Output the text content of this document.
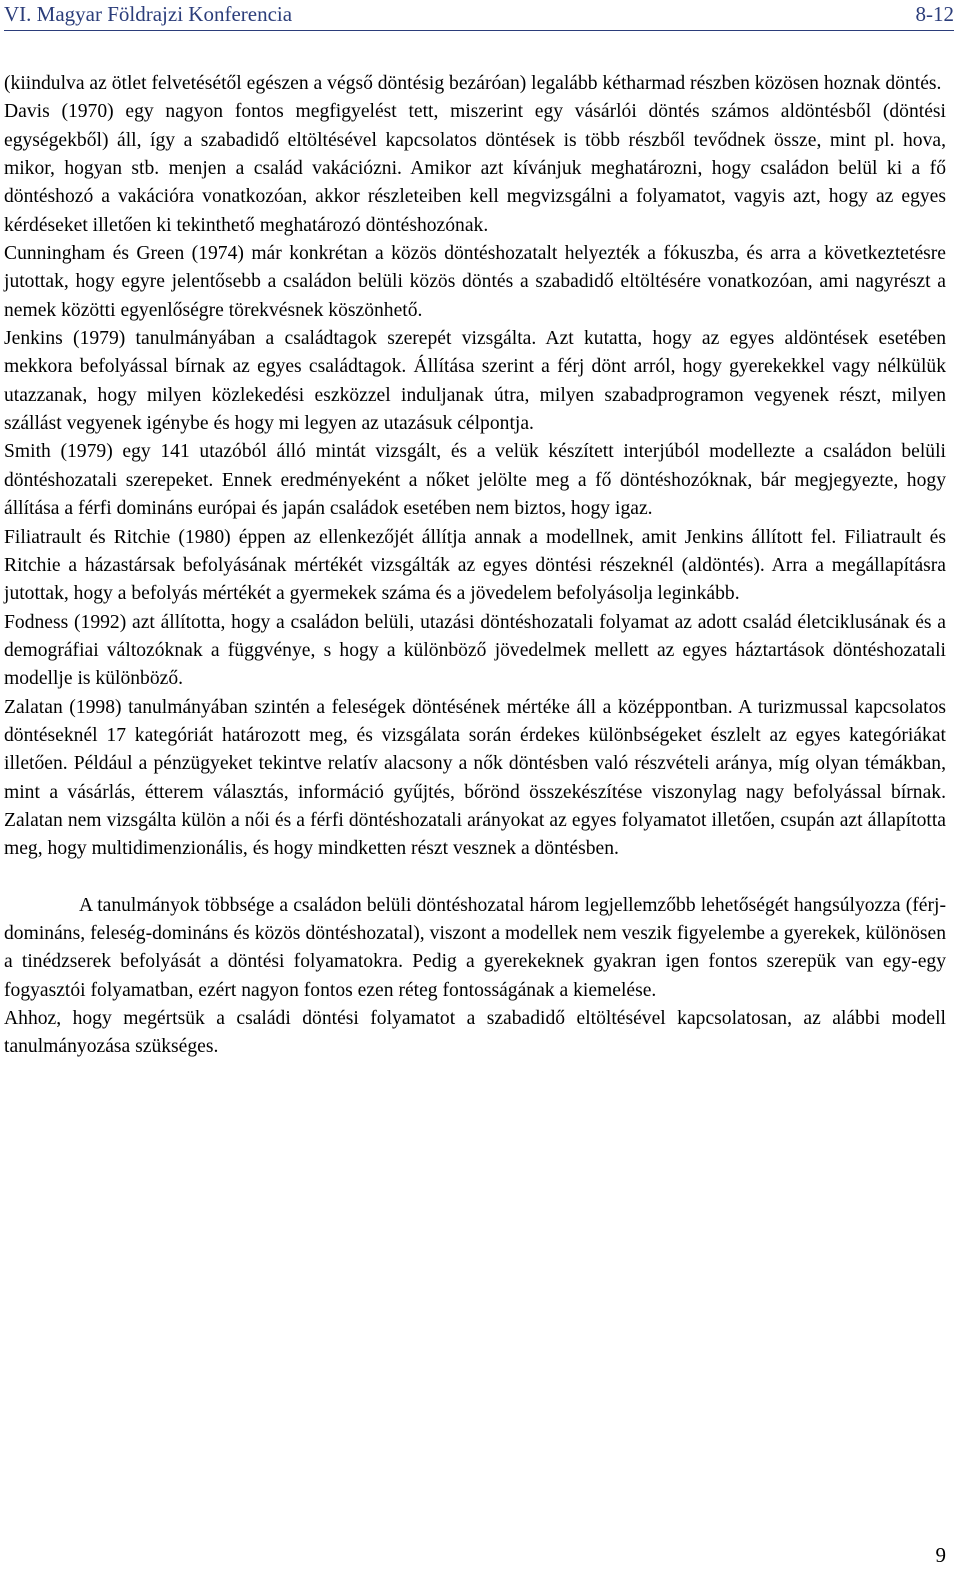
VI. Magyar Földrajzi Konferencia	8-12

(kiindulva az ötlet felvetésétől egészen a végső döntésig bezáróan) legalább kétharmad részben közösen hoznak döntés.

Davis (1970) egy nagyon fontos megfigyelést tett, miszerint egy vásárlói döntés számos aldöntésből (döntési egységekből) áll, így a szabadidő eltöltésével kapcsolatos döntések is több részből tevődnek össze, mint pl. hova, mikor, hogyan stb. menjen a család vakációzni. Amikor azt kívánjuk meghatározni, hogy családon belül ki a fő döntéshozó a vakációra vonatkozóan, akkor részleteiben kell megvizsgálni a folyamatot, vagyis azt, hogy az egyes kérdéseket illetően ki tekinthető meghatározó döntéshozónak.

Cunningham és Green (1974) már konkrétan a közös döntéshozatalt helyezték a fókuszba, és arra a következtetésre jutottak, hogy egyre jelentősebb a családon belüli közös döntés a szabadidő eltöltésére vonatkozóan, ami nagyrészt a nemek közötti egyenlőségre törekvésnek köszönhető.

Jenkins (1979) tanulmányában a családtagok szerepét vizsgálta. Azt kutatta, hogy az egyes aldöntések esetében mekkora befolyással bírnak az egyes családtagok. Állítása szerint a férj dönt arról, hogy gyerekekkel vagy nélkülük utazzanak, hogy milyen közlekedési eszközzel induljanak útra, milyen szabadprogramon vegyenek részt, milyen szállást vegyenek igénybe és hogy mi legyen az utazásuk célpontja.

Smith (1979) egy 141 utazóból álló mintát vizsgált, és a velük készített interjúból modellezte a családon belüli döntéshozatali szerepeket. Ennek eredményeként a nőket jelölte meg a fő döntéshozóknak, bár megjegyezte, hogy állítása a férfi domináns európai és japán családok esetében nem biztos, hogy igaz.

Filiatrault és Ritchie (1980) éppen az ellenkezőjét állítja annak a modellnek, amit Jenkins állított fel. Filiatrault és Ritchie a házastársak befolyásának mértékét vizsgálták az egyes döntési részeknél (aldöntés). Arra a megállapításra jutottak, hogy a befolyás mértékét a gyermekek száma és a jövedelem befolyásolja leginkább.

Fodness (1992) azt állította, hogy a családon belüli, utazási döntéshozatali folyamat az adott család életciklusának és a demográfiai változóknak a függvénye, s hogy a különböző jövedelmek mellett az egyes háztartások döntéshozatali modellje is különböző.

Zalatan (1998) tanulmányában szintén a feleségek döntésének mértéke áll a középpontban. A turizmussal kapcsolatos döntéseknél 17 kategóriát határozott meg, és vizsgálata során érdekes különbségeket észlelt az egyes kategóriákat illetően. Például a pénzügyeket tekintve relatív alacsony a nők döntésben való részvételi aránya, míg olyan témákban, mint a vásárlás, étterem választás, információ gyűjtés, bőrönd összekészítése viszonylag nagy befolyással bírnak. Zalatan nem vizsgálta külön a női és a férfi döntéshozatali arányokat az egyes folyamatot illetően, csupán azt állapította meg, hogy multidimenzionális, és hogy mindketten részt vesznek a döntésben.

A tanulmányok többsége a családon belüli döntéshozatal három legjellemzőbb lehetőségét hangsúlyozza (férj-domináns, feleség-domináns és közös döntéshozatal), viszont a modellek nem veszik figyelembe a gyerekek, különösen a tinédzserek befolyását a döntési folyamatokra. Pedig a gyerekeknek gyakran igen fontos szerepük van egy-egy fogyasztói folyamatban, ezért nagyon fontos ezen réteg fontosságának a kiemelése.

Ahhoz, hogy megértsük a családi döntési folyamatot a szabadidő eltöltésével kapcsolatosan, az alábbi modell tanulmányozása szükséges.

9
